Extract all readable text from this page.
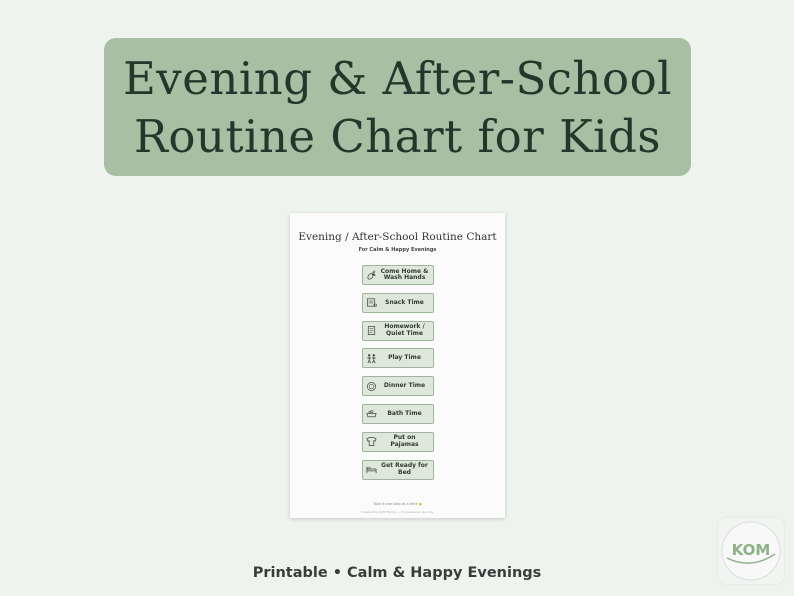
Evening & After-School
Routine Chart for Kids
Evening / After-School Routine Chart
For Calm & Happy Evenings
Come Home & Wash Hands
Snack Time
Homework / Quiet Time
Play Time
Dinner Time
Bath Time
Put on Pajamas
Get Ready for Bed
Take it one step at a time ●
Created by KOM Family — For personal use only
Printable • Calm & Happy Evenings
KOM
